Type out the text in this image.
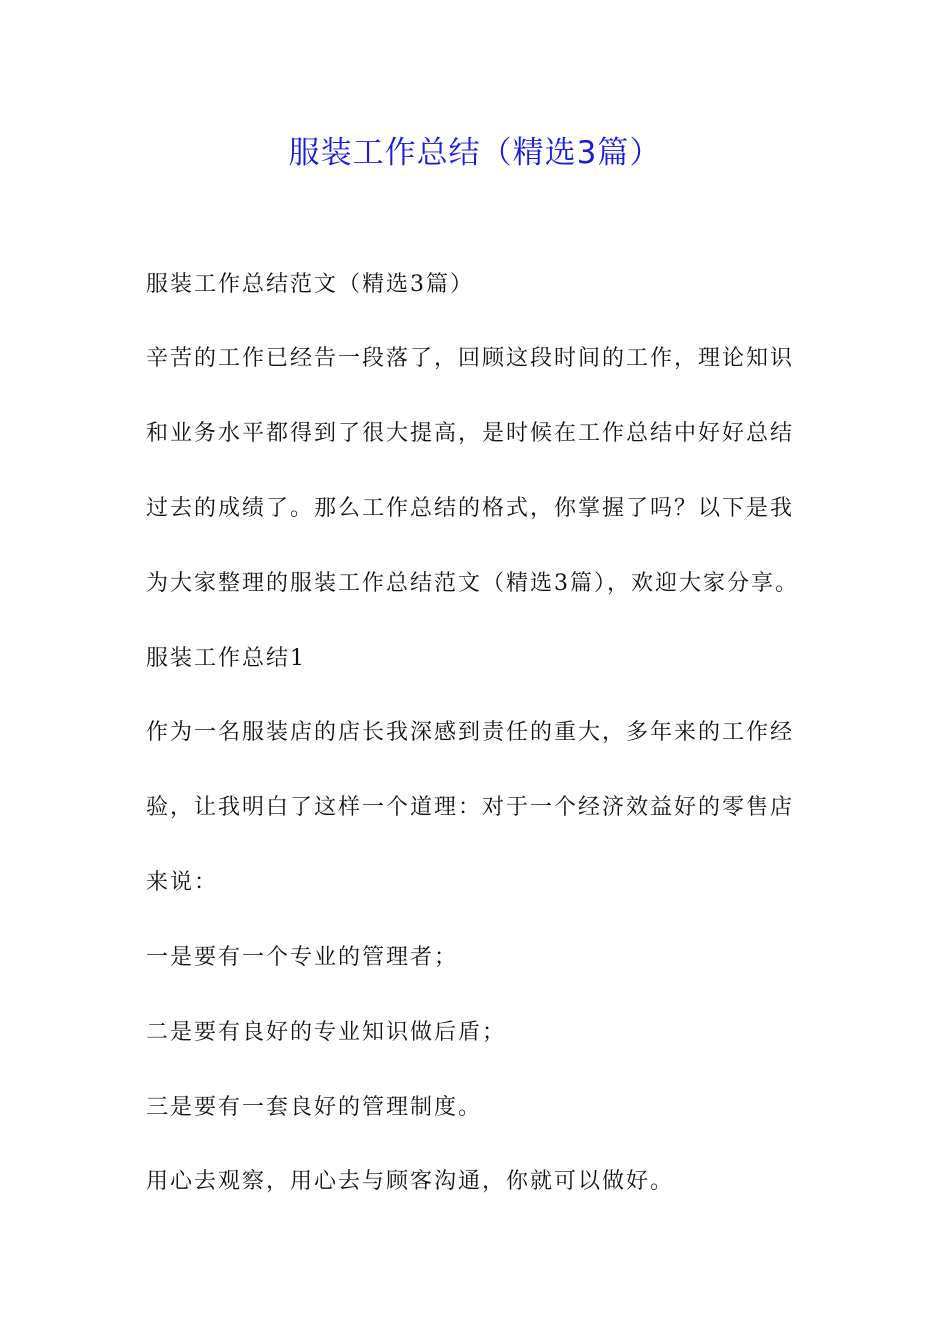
服装工作总结（精选3篇）
服装工作总结范文（精选3篇）
辛苦的工作已经告一段落了，回顾这段时间的工作，理论知识
和业务水平都得到了很大提高，是时候在工作总结中好好总结
过去的成绩了。那么工作总结的格式，你掌握了吗？以下是我
为大家整理的服装工作总结范文（精选3篇），欢迎大家分享。
服装工作总结1
作为一名服装店的店长我深感到责任的重大，多年来的工作经
验，让我明白了这样一个道理：对于一个经济效益好的零售店
来说：
一是要有一个专业的管理者；
二是要有良好的专业知识做后盾；
三是要有一套良好的管理制度。
用心去观察，用心去与顾客沟通，你就可以做好。
